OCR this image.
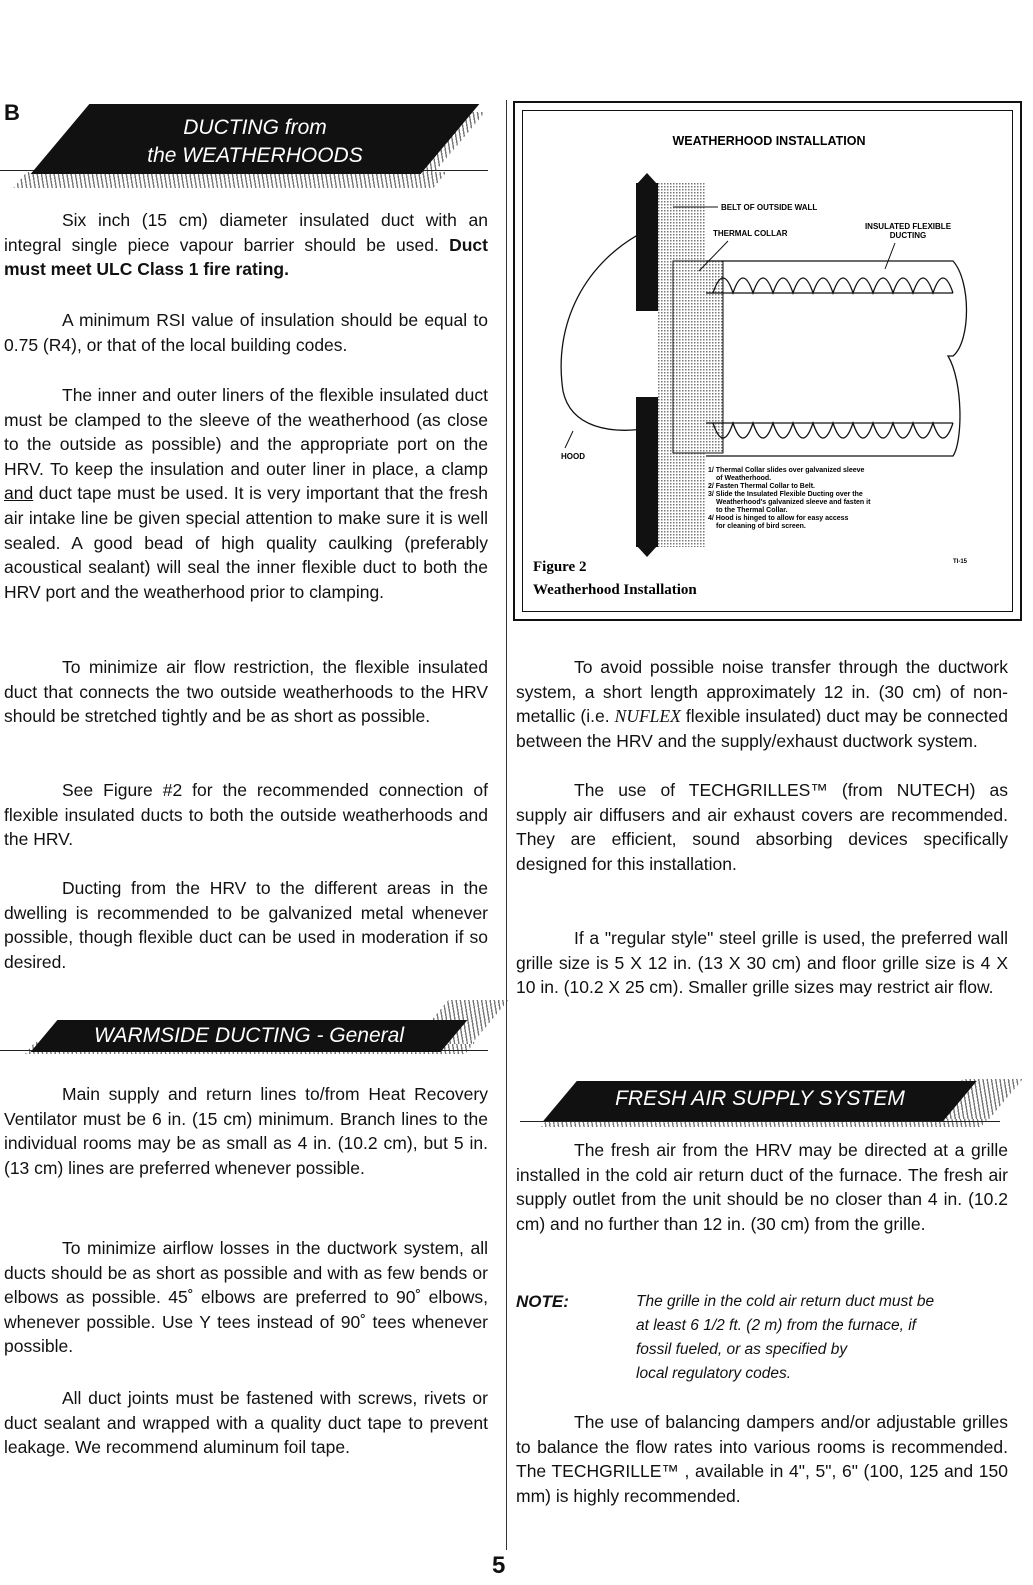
B
DUCTING from
the WEATHERHOODS

Six inch (15 cm) diameter insulated duct with an integral single piece vapour barrier should be used. Duct must meet ULC Class 1 fire rating.

A minimum RSI value of insulation should be equal to 0.75 (R4), or that of the local building codes.

The inner and outer liners of the flexible insulated duct must be clamped to the sleeve of the weatherhood (as close to the outside as possible) and the appropriate port on the HRV. To keep the insulation and outer liner in place, a clamp and duct tape must be used. It is very important that the fresh air intake line be given special attention to make sure it is well sealed. A good bead of high quality caulking (preferably acoustical sealant) will seal the inner flexible duct to both the HRV port and the weatherhood prior to clamping.

To minimize air flow restriction, the flexible insulated duct that connects the two outside weatherhoods to the HRV should be stretched tightly and be as short as possible.

See Figure #2 for the recommended connection of flexible insulated ducts to both the outside weatherhoods and the HRV.

Ducting from the HRV to the different areas in the dwelling is recommended to be galvanized metal whenever possible, though flexible duct can be used in moderation if so desired.

WARMSIDE DUCTING - General

Main supply and return lines to/from Heat Recovery Ventilator must be 6 in. (15 cm) minimum. Branch lines to the individual rooms may be as small as 4 in. (10.2 cm), but 5 in. (13 cm) lines are preferred whenever possible.

To minimize airflow losses in the ductwork system, all ducts should be as short as possible and with as few bends or elbows as possible. 45˚ elbows are preferred to 90˚ elbows, whenever possible. Use Y tees instead of 90˚ tees whenever possible.

All duct joints must be fastened with screws, rivets or duct sealant and wrapped with a quality duct tape to prevent leakage. We recommend aluminum foil tape.

WEATHERHOOD INSTALLATION
BELT OF OUTSIDE WALL
THERMAL COLLAR
INSULATED FLEXIBLE
DUCTING
HOOD
1/ Thermal Collar slides over galvanized sleeve
of Weatherhood.
2/ Fasten Thermal Collar to Belt.
3/ Slide the Insulated Flexible Ducting over the
Weatherhood's galvanized sleeve and fasten it
to the Thermal Collar.
4/ Hood is hinged to allow for easy access
for cleaning of bird screen.
TI-15
Figure 2
Weatherhood Installation

To avoid possible noise transfer through the ductwork system, a short length approximately 12 in. (30 cm) of non-metallic (i.e. NUFLEX flexible insulated) duct may be connected between the HRV and the supply/exhaust ductwork system.

The use of TECHGRILLES™ (from NUTECH) as supply air diffusers and air exhaust covers are recommended. They are efficient, sound absorbing devices specifically designed for this installation.

If a "regular style" steel grille is used, the preferred wall grille size is 5 X 12 in. (13 X 30 cm) and floor grille size is 4 X 10 in. (10.2 X 25 cm). Smaller grille sizes may restrict air flow.

FRESH AIR SUPPLY SYSTEM

The fresh air from the HRV may be directed at a grille installed in the cold air return duct of the furnace. The fresh air supply outlet from the unit should be no closer than 4 in. (10.2 cm) and no further than 12 in. (30 cm) from the grille.

NOTE:	The grille in the cold air return duct must be
at least 6 1/2 ft. (2 m) from the furnace, if
fossil fueled, or as specified by
local regulatory codes.

The use of balancing dampers and/or adjustable grilles to balance the flow rates into various rooms is recommended. The TECHGRILLE™ , available in 4", 5", 6" (100, 125 and 150 mm) is highly recommended.

5
